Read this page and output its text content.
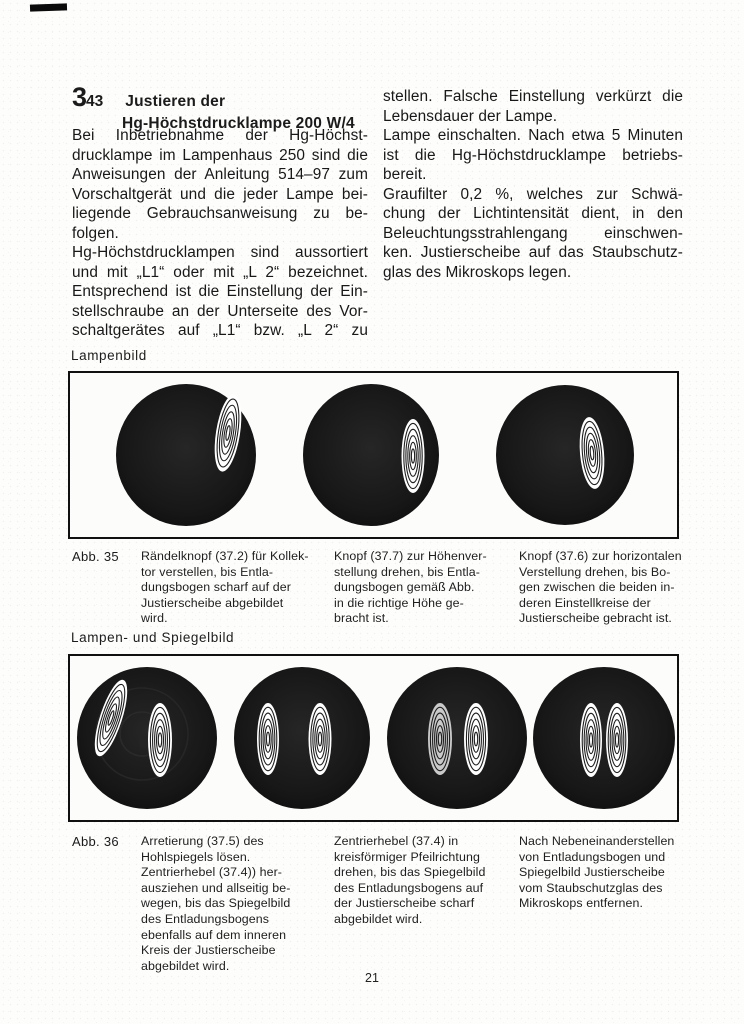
3 43 Justieren der
Hg-Höchstdrucklampe 200 W/4
Bei Inbetriebnahme der Hg-Höchst-
drucklampe im Lampenhaus 250 sind die
Anweisungen der Anleitung 514–97 zum
Vorschaltgerät und die jeder Lampe bei-
liegende Gebrauchsanweisung zu be-
folgen.
Hg-Höchstdrucklampen sind aussortiert
und mit „L1“ oder mit „L 2“ bezeichnet.
Entsprechend ist die Einstellung der Ein-
stellschraube an der Unterseite des Vor-
schaltgerätes auf „L1“ bzw. „L 2“ zu
stellen. Falsche Einstellung verkürzt die
Lebensdauer der Lampe.
Lampe einschalten. Nach etwa 5 Minuten
ist die Hg-Höchstdrucklampe betriebs-
bereit.
Graufilter 0,2 %, welches zur Schwä-
chung der Lichtintensität dient, in den
Beleuchtungsstrahlengang einschwen-
ken. Justierscheibe auf das Staubschutz-
glas des Mikroskops legen.
Lampenbild
Abb. 35 Rändelknopf (37.2) für Kollek-
tor verstellen, bis Entla-
dungsbogen scharf auf der
Justierscheibe abgebildet
wird.
Knopf (37.7) zur Höhenver-
stellung drehen, bis Entla-
dungsbogen gemäß Abb.
in die richtige Höhe ge-
bracht ist.
Knopf (37.6) zur horizontalen
Verstellung drehen, bis Bo-
gen zwischen die beiden in-
deren Einstellkreise der
Justierscheibe gebracht ist.
Lampen- und Spiegelbild
Abb. 36 Arretierung (37.5) des
Hohlspiegels lösen.
Zentrierhebel (37.4)) her-
ausziehen und allseitig be-
wegen, bis das Spiegelbild
des Entladungsbogens
ebenfalls auf dem inneren
Kreis der Justierscheibe
abgebildet wird.
Zentrierhebel (37.4) in
kreisförmiger Pfeilrichtung
drehen, bis das Spiegelbild
des Entladungsbogens auf
der Justierscheibe scharf
abgebildet wird.
Nach Nebeneinanderstellen
von Entladungsbogen und
Spiegelbild Justierscheibe
vom Staubschutzglas des
Mikroskops entfernen.
21
